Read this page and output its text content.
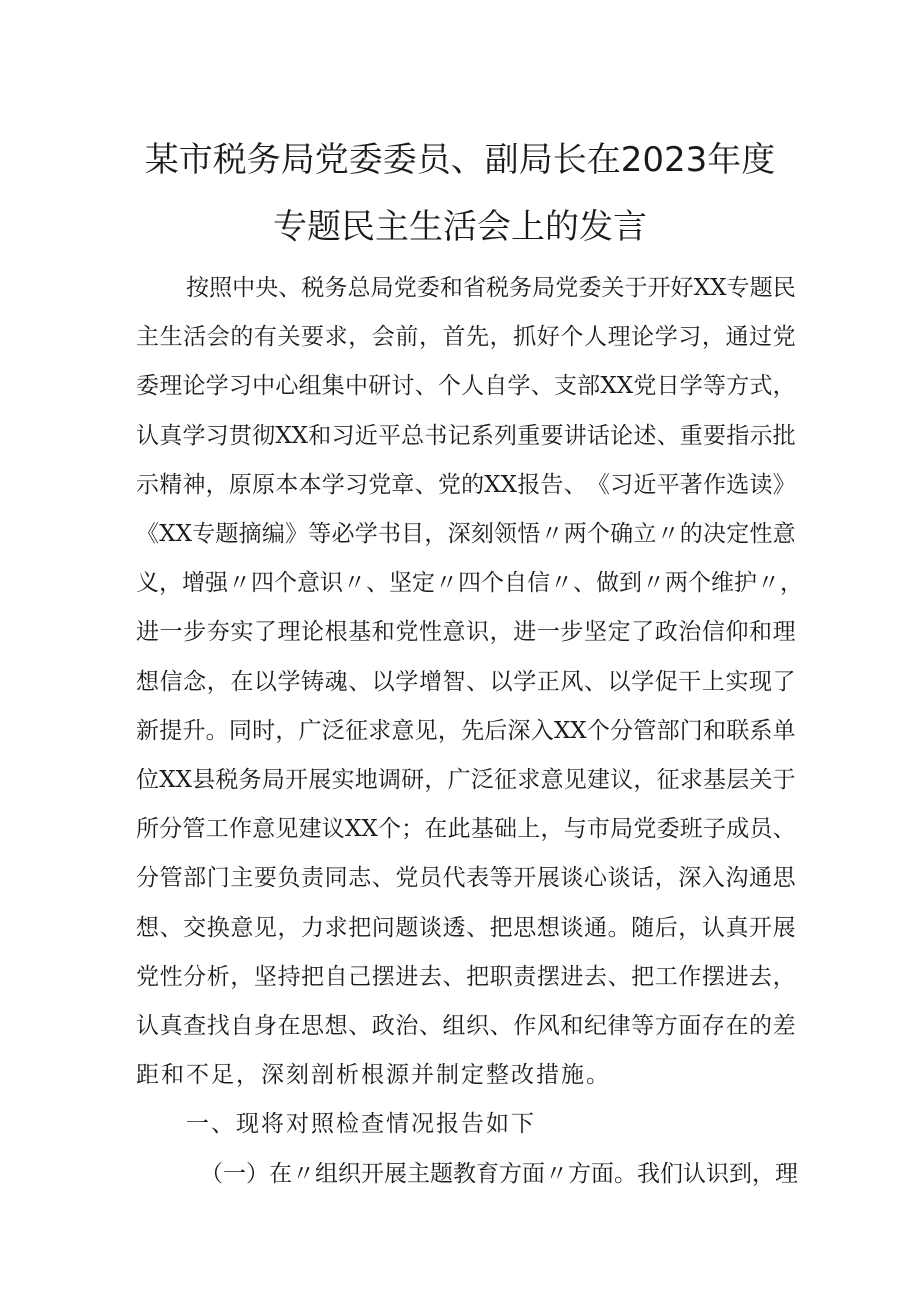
某市税务局党委委员、副局长在2023年度
专题民主生活会上的发言
按 照 中 央 、 税 务 总 局 党 委 和 省 税 务 局 党 委 关 于 开 好 XX 专 题 民
主 生 活 会 的 有 关 要 求 ， 会 前 ， 首 先 ， 抓 好 个 人 理 论 学 习 ， 通 过 党
委 理 论 学 习 中 心 组 集 中 研 讨 、 个 人 自 学 、 支 部 XX 党 日 学 等 方 式 ，
认 真 学 习 贯 彻 XX 和 习 近 平 总 书 记 系 列 重 要 讲 话 论 述 、 重 要 指 示 批
示 精 神 ， 原 原 本 本 学 习 党 章 、 党 的 XX 报 告 、 《 习 近 平 著 作 选 读 》
《 XX 专 题 摘 编 》 等 必 学 书 目 ， 深 刻 领 悟 〃 两 个 确 立 〃 的 决 定 性 意
义 ， 增 强 〃 四 个 意 识 〃 、 坚 定 〃 四 个 自 信 〃 、 做 到 〃 两 个 维 护 〃 ，
进 一 步 夯 实 了 理 论 根 基 和 党 性 意 识 ， 进 一 步 坚 定 了 政 治 信 仰 和 理
想 信 念 ， 在 以 学 铸 魂 、 以 学 增 智 、 以 学 正 风 、 以 学 促 干 上 实 现 了
新 提 升 。 同 时 ， 广 泛 征 求 意 见 ， 先 后 深 入 XX 个 分 管 部 门 和 联 系 单
位 XX 县 税 务 局 开 展 实 地 调 研 ， 广 泛 征 求 意 见 建 议 ， 征 求 基 层 关 于
所 分 管 工 作 意 见 建 议 XX 个 ； 在 此 基 础 上 ， 与 市 局 党 委 班 子 成 员 、
分 管 部 门 主 要 负 责 同 志 、 党 员 代 表 等 开 展 谈 心 谈 话 ， 深 入 沟 通 思
想 、 交 换 意 见 ， 力 求 把 问 题 谈 透 、 把 思 想 谈 通 。 随 后 ， 认 真 开 展
党 性 分 析 ， 坚 持 把 自 己 摆 进 去 、 把 职 责 摆 进 去 、 把 工 作 摆 进 去 ，
认 真 查 找 自 身 在 思 想 、 政 治 、 组 织 、 作 风 和 纪 律 等 方 面 存 在 的 差
距和不足，深刻剖析根源并制定整改措施。
一、现将对照检查情况报告如下
（ 一 ） 在 〃 组 织 开 展 主 题 教 育 方 面 〃 方 面 。 我 们 认 识 到 ， 理
